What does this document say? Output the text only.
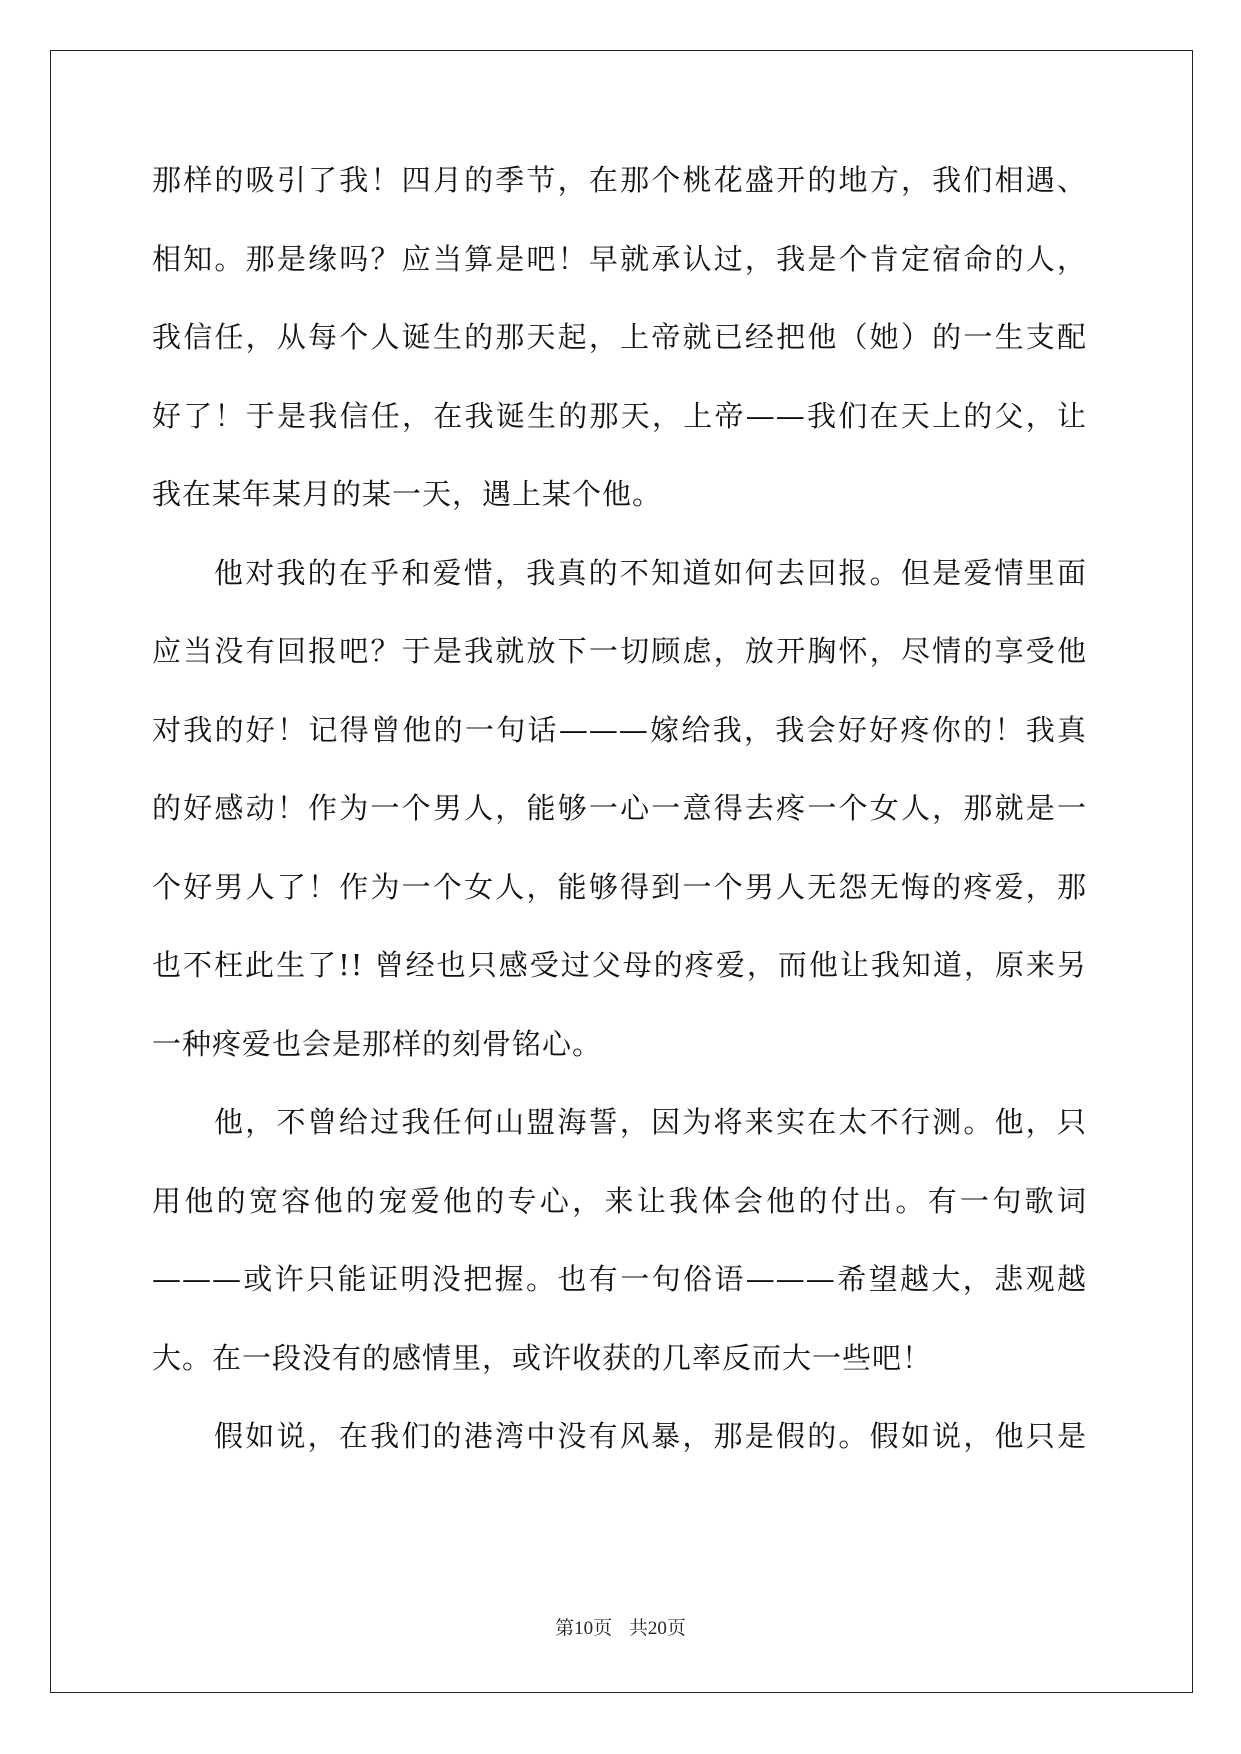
那样的吸引了我！四月的季节，在那个桃花盛开的地方，我们相遇、
相知。那是缘吗？应当算是吧！早就承认过，我是个肯定宿命的人，
我信任，从每个人诞生的那天起，上帝就已经把他（她）的一生支配
好了！于是我信任，在我诞生的那天，上帝——我们在天上的父，让
我在某年某月的某一天，遇上某个他。
他对我的在乎和爱惜，我真的不知道如何去回报。但是爱情里面
应当没有回报吧？于是我就放下一切顾虑，放开胸怀，尽情的享受他
对我的好！记得曾他的一句话———嫁给我，我会好好疼你的！我真
的好感动！作为一个男人，能够一心一意得去疼一个女人，那就是一
个好男人了！作为一个女人，能够得到一个男人无怨无悔的疼爱，那
也不枉此生了!! 曾经也只感受过父母的疼爱，而他让我知道，原来另
一种疼爱也会是那样的刻骨铭心。
他，不曾给过我任何山盟海誓，因为将来实在太不行测。他，只
用他的宽容他的宠爱他的专心，来让我体会他的付出。有一句歌词
———或许只能证明没把握。也有一句俗语———希望越大，悲观越
大。在一段没有的感情里，或许收获的几率反而大一些吧！
假如说，在我们的港湾中没有风暴，那是假的。假如说，他只是
第10页 共20页
